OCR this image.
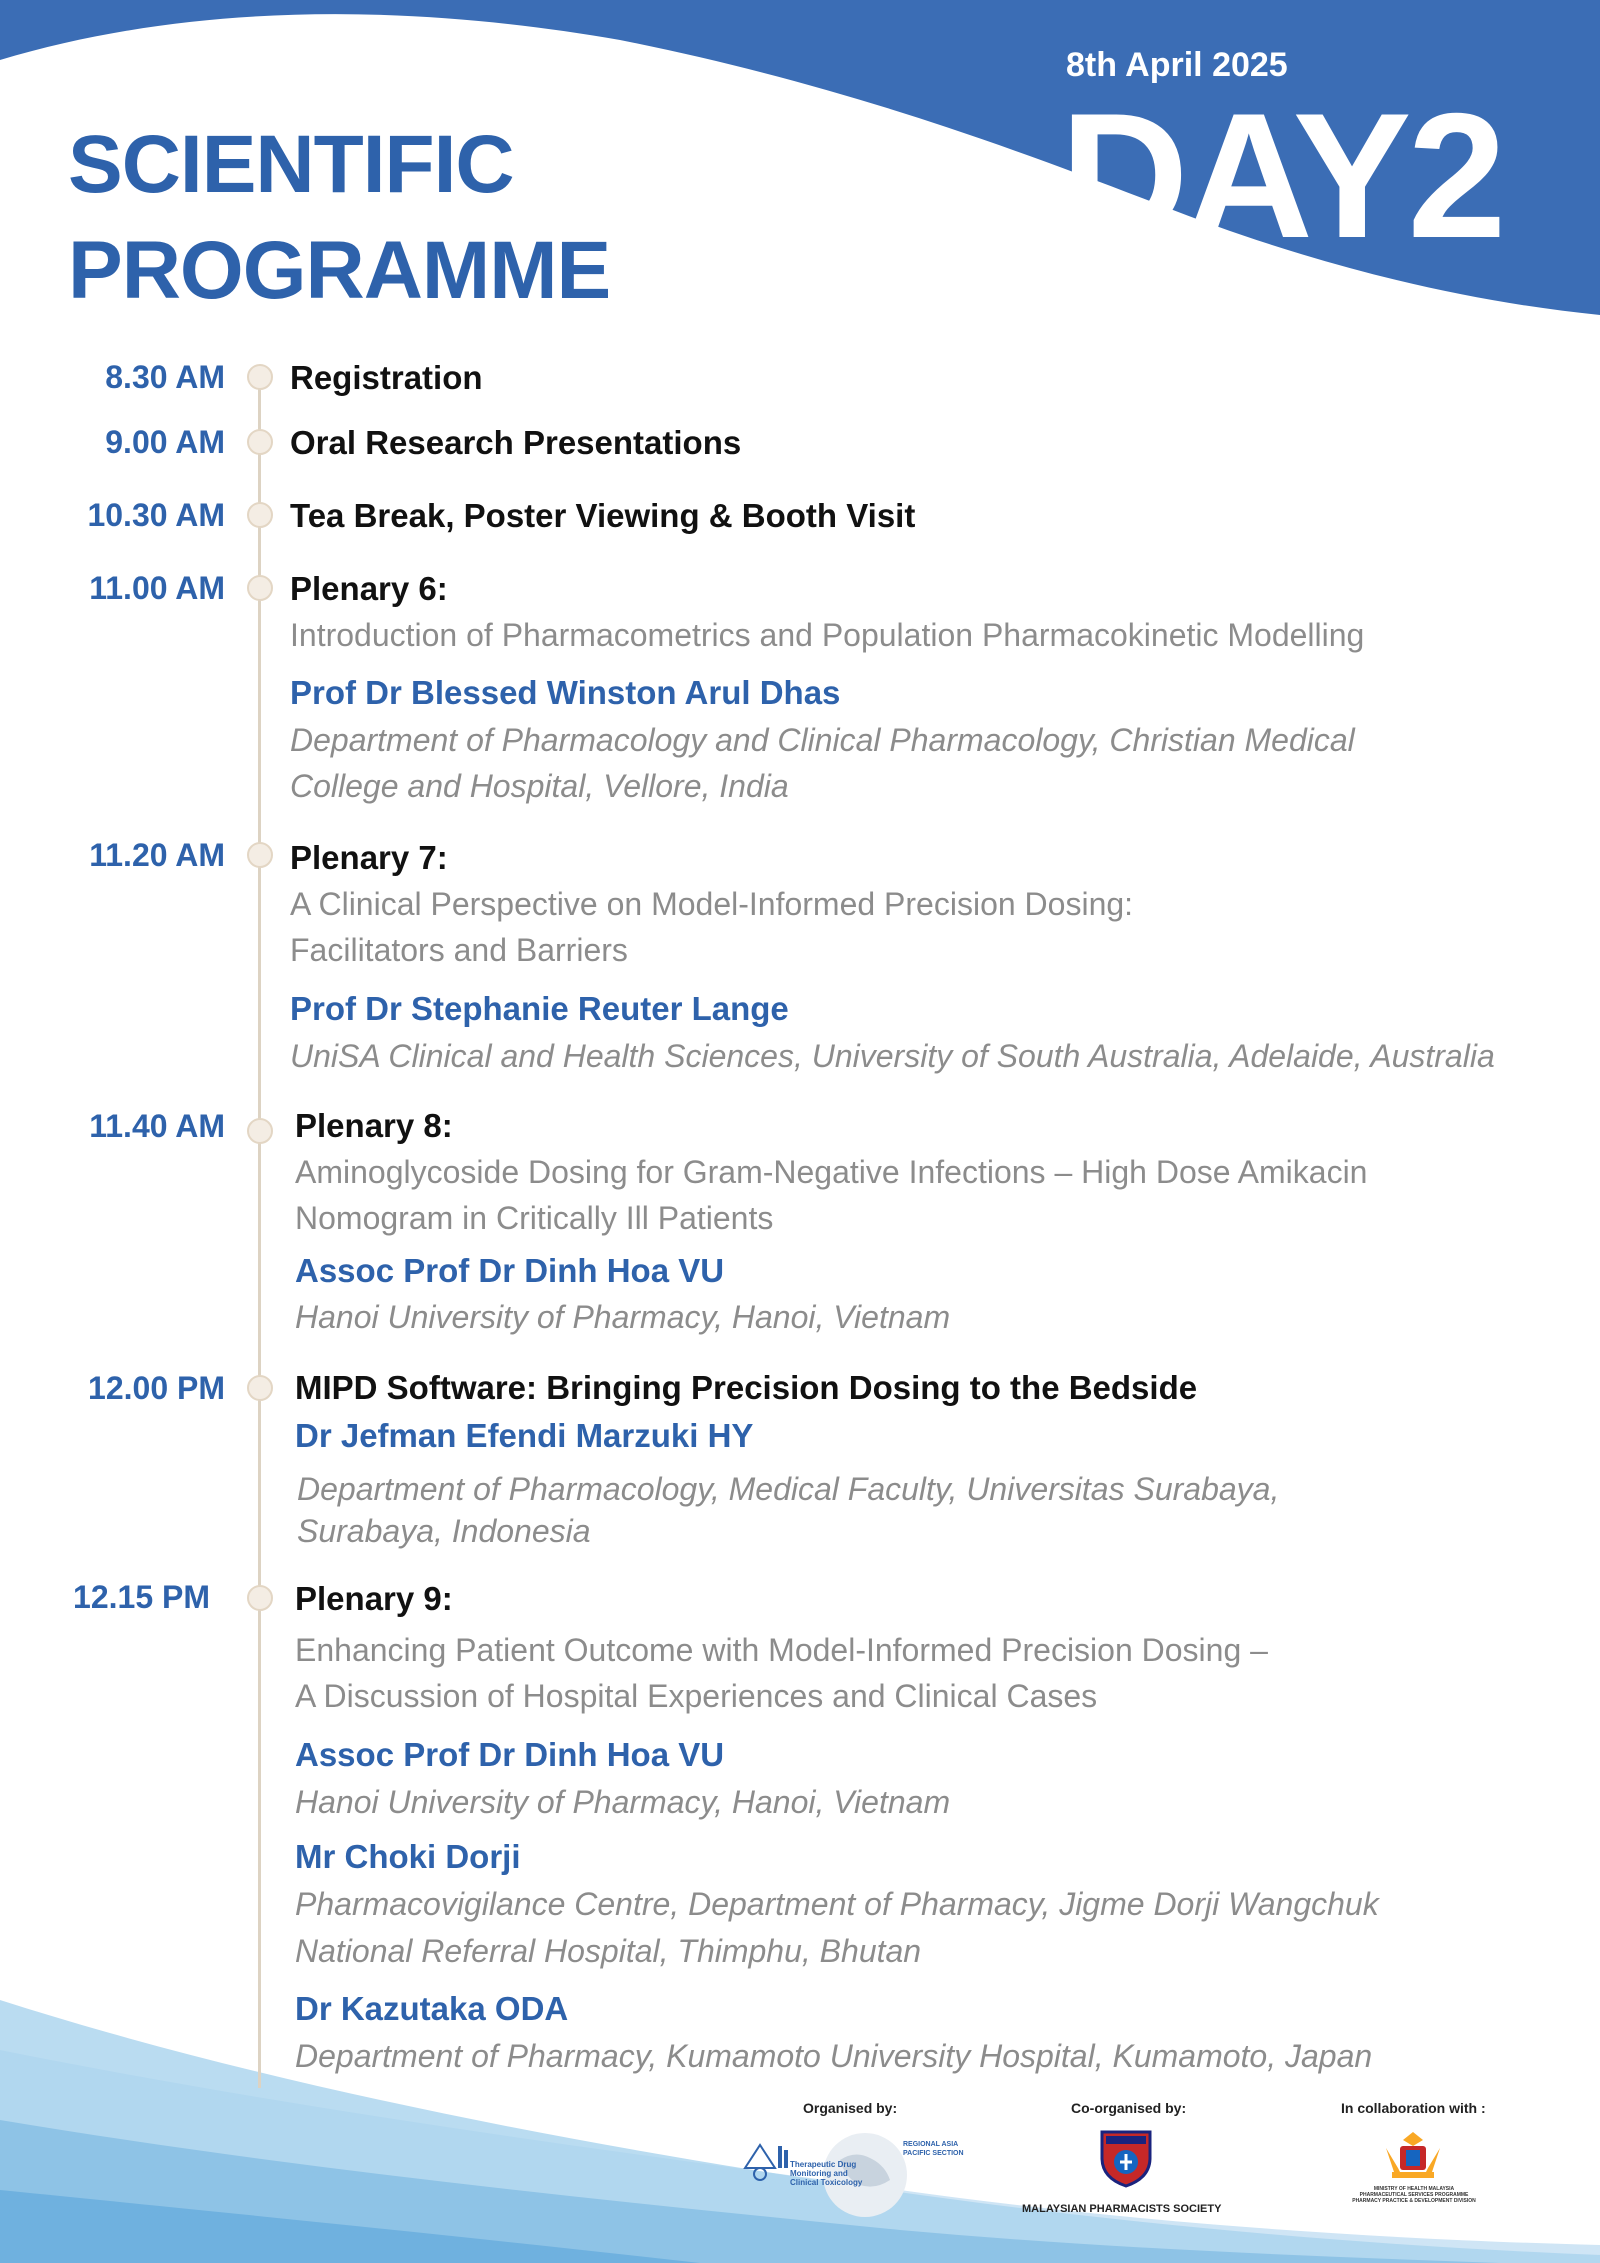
SCIENTIFIC
PROGRAMME
8th April 2025
DAY2
8.30 AM Registration
9.00 AM Oral Research Presentations
10.30 AM Tea Break, Poster Viewing & Booth Visit
11.00 AM Plenary 6:
Introduction of Pharmacometrics and Population Pharmacokinetic Modelling
Prof Dr Blessed Winston Arul Dhas
Department of Pharmacology and Clinical Pharmacology, Christian Medical
College and Hospital, Vellore, India
11.20 AM Plenary 7:
A Clinical Perspective on Model-Informed Precision Dosing:
Facilitators and Barriers
Prof Dr Stephanie Reuter Lange
UniSA Clinical and Health Sciences, University of South Australia, Adelaide, Australia
11.40 AM Plenary 8:
Aminoglycoside Dosing for Gram-Negative Infections – High Dose Amikacin
Nomogram in Critically Ill Patients
Assoc Prof Dr Dinh Hoa VU
Hanoi University of Pharmacy, Hanoi, Vietnam
12.00 PM MIPD Software: Bringing Precision Dosing to the Bedside
Dr Jefman Efendi Marzuki HY
Department of Pharmacology, Medical Faculty, Universitas Surabaya,
Surabaya, Indonesia
12.15 PM	Plenary 9:
Enhancing Patient Outcome with Model-Informed Precision Dosing –
A Discussion of Hospital Experiences and Clinical Cases
Assoc Prof Dr Dinh Hoa VU
Hanoi University of Pharmacy, Hanoi, Vietnam
Mr Choki Dorji
Pharmacovigilance Centre, Department of Pharmacy, Jigme Dorji Wangchuk
National Referral Hospital, Thimphu, Bhutan
Dr Kazutaka ODA
Department of Pharmacy, Kumamoto University Hospital, Kumamoto, Japan
Organised by:	Co-organised by:	In collaboration with :
Therapeutic Drug
Monitoring and
Clinical Toxicology
REGIONAL ASIA
PACIFIC SECTION
MALAYSIAN PHARMACISTS SOCIETY
MINISTRY OF HEALTH MALAYSIA
PHARMACEUTICAL SERVICES PROGRAMME
PHARMACY PRACTICE & DEVELOPMENT DIVISION
